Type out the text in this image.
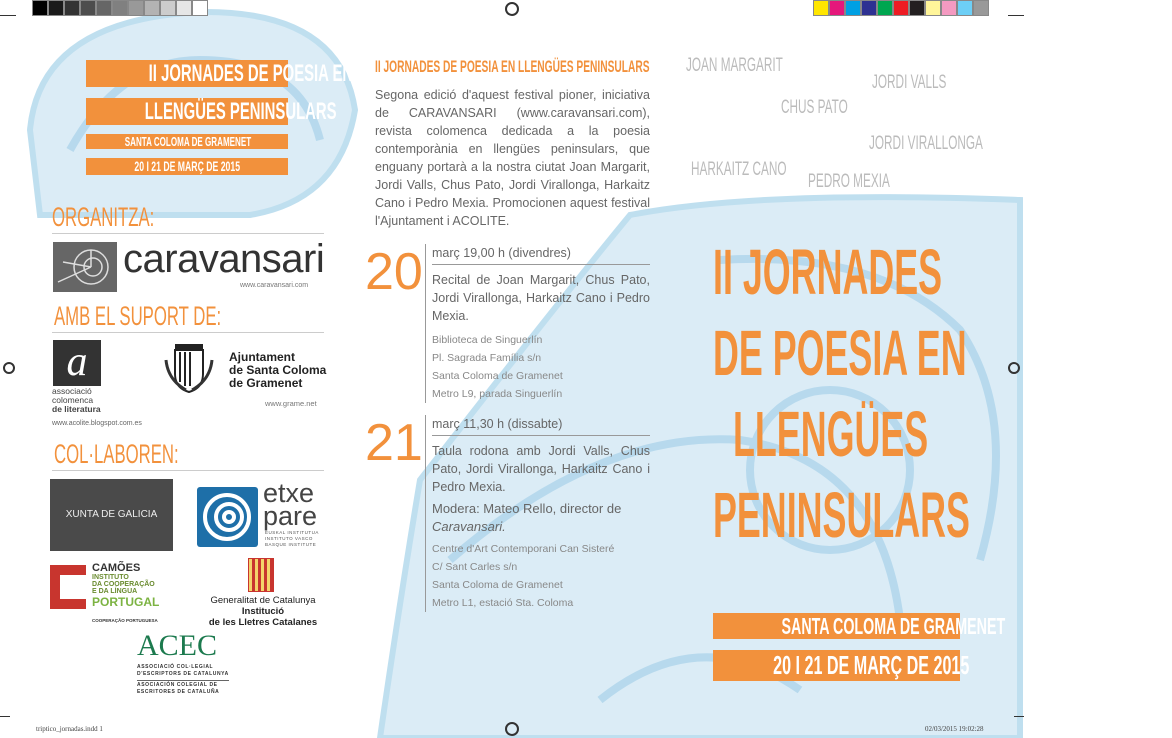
triptico_jornadas.indd 1	02/03/2015 19:02:28
II JORNADES DE POESIA EN
LLENGÜES PENINSULARS
SANTA COLOMA DE GRAMENET
20 I 21 DE MARÇ DE 2015
ORGANITZA:
caravansari
www.caravansari.com
AMB EL SUPORT DE:
a
associació
colomenca
de literatura
www.acolite.blogspot.com.es
Ajuntament
de Santa Coloma
de Gramenet
www.grame.net
COL·LABOREN:
XUNTA DE GALICIA
etxe
pare
EUSKAL INSTITUTUA
INSTITUTO VASCO
BASQUE INSTITUTE
CAMÕES
INSTITUTO
DA COOPERAÇÃO
E DA LÍNGUA
PORTUGAL
COOPERAÇÃO PORTUGUESA
Generalitat de Catalunya
Institució
de les Lletres Catalanes
ACEC
ASSOCIACIÓ COL·LEGIAL
D'ESCRIPTORS DE CATALUNYA
ASOCIACIÓN COLEGIAL DE
ESCRITORES DE CATALUÑA
II JORNADES DE POESIA EN LLENGÜES PENINSULARS
Segona edició d'aquest festival pioner, iniciativa de CARAVANSARI (www.caravansari.com), revista colomenca dedicada a la poesia contemporània en llengües peninsulars, que enguany portarà a la nostra ciutat Joan Margarit, Jordi Valls, Chus Pato, Jordi Virallonga, Harkaitz Cano i Pedro Mexia. Promocionen aquest festival l'Ajuntament i ACOLITE.
20 març 19,00 h (divendres)
Recital de Joan Margarit, Chus Pato, Jordi Virallonga, Harkaitz Cano i Pedro Mexia.
Biblioteca de Singuerlín
Pl. Sagrada Família s/n
Santa Coloma de Gramenet
Metro L9, parada Singuerlín
21 març 11,30 h (dissabte)
Taula rodona amb Jordi Valls, Chus Pato, Jordi Virallonga, Harkaitz Cano i Pedro Mexia.
Modera: Mateo Rello, director de
Caravansari.
Centre d'Art Contemporani Can Sisteré
C/ Sant Carles s/n
Santa Coloma de Gramenet
Metro L1, estació Sta. Coloma
JOAN MARGARIT
JORDI VALLS
CHUS PATO
JORDI VIRALLONGA
HARKAITZ CANO
PEDRO MEXIA
II JORNADES
DE POESIA EN
LLENGÜES
PENINSULARS
SANTA COLOMA DE GRAMENET
20 I 21 DE MARÇ DE 2015
